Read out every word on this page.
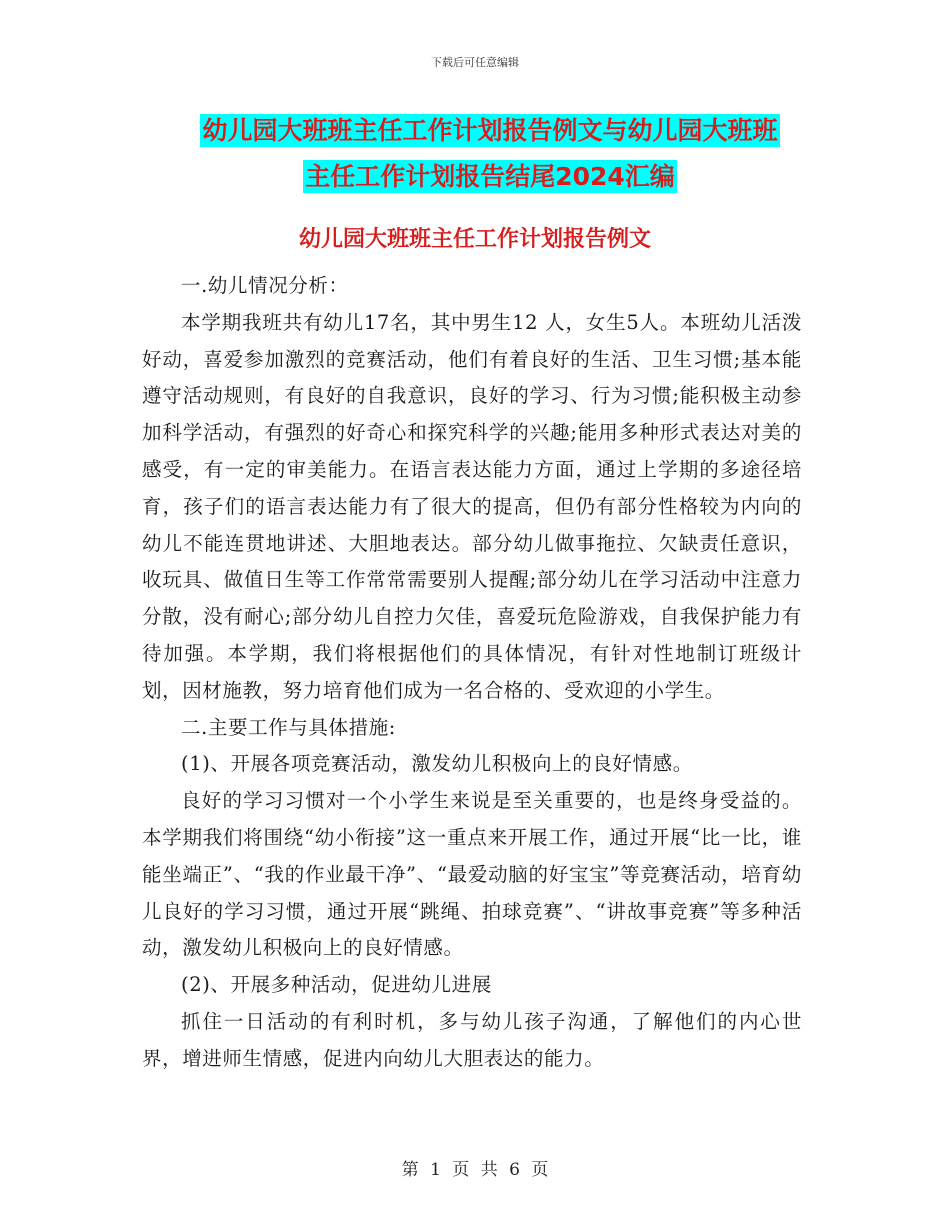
下载后可任意编辑
幼儿园大班班主任工作计划报告例文与幼儿园大班班
主任工作计划报告结尾2024汇编
幼儿园大班班主任工作计划报告例文

一.幼儿情况分析：

本学期我班共有幼儿17名，其中男生12 人，女生5人。本班幼儿活泼好动，喜爱参加激烈的竞赛活动，他们有着良好的生活、卫生习惯;基本能遵守活动规则，有良好的自我意识，良好的学习、行为习惯;能积极主动参加科学活动，有强烈的好奇心和探究科学的兴趣;能用多种形式表达对美的感受，有一定的审美能力。在语言表达能力方面，通过上学期的多途径培育，孩子们的语言表达能力有了很大的提高，但仍有部分性格较为内向的幼儿不能连贯地讲述、大胆地表达。部分幼儿做事拖拉、欠缺责任意识，收玩具、做值日生等工作常常需要别人提醒;部分幼儿在学习活动中注意力分散，没有耐心;部分幼儿自控力欠佳，喜爱玩危险游戏，自我保护能力有待加强。本学期，我们将根据他们的具体情况，有针对性地制订班级计划，因材施教，努力培育他们成为一名合格的、受欢迎的小学生。

二.主要工作与具体措施:

(1)、开展各项竞赛活动，激发幼儿积极向上的良好情感。

良好的学习习惯对一个小学生来说是至关重要的，也是终身受益的。本学期我们将围绕“幼小衔接”这一重点来开展工作，通过开展“比一比，谁能坐端正”、“我的作业最干净”、“最爱动脑的好宝宝”等竞赛活动，培育幼儿良好的学习习惯，通过开展“跳绳、拍球竞赛”、“讲故事竞赛”等多种活动，激发幼儿积极向上的良好情感。

(2)、开展多种活动，促进幼儿进展

抓住一日活动的有利时机，多与幼儿孩子沟通，了解他们的内心世界，增进师生情感，促进内向幼儿大胆表达的能力。

第 1 页 共 6 页
